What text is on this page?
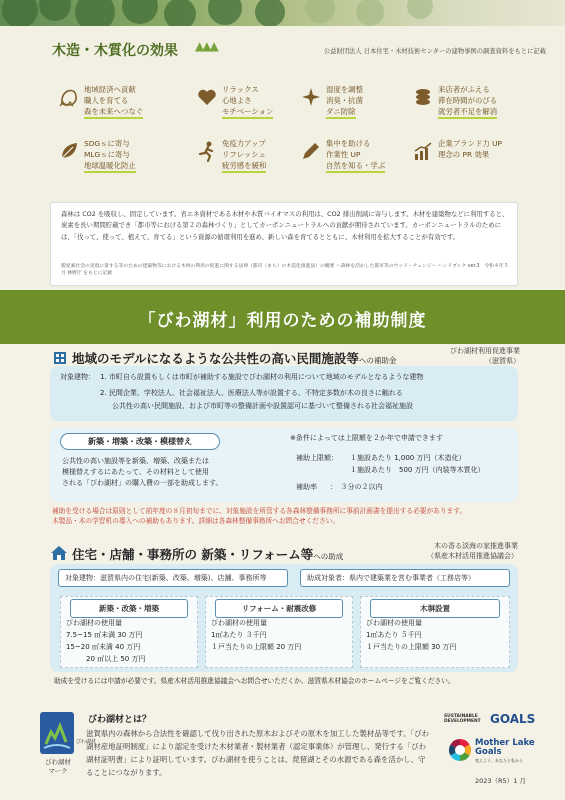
木造・木質化の効果 ▲▲▲	公益財団法人 日本住宅・木材技術センターの建物事例の調査資料をもとに記載
地域経済へ貢献
職人を育てる
森を未来へつなぐ
リラックス
心地よさ
モチベーション
湿度を調整
消臭・抗菌
ダニ防除
来店者がふえる
滞在時間がのびる
就労者不足を解消
SDGｓに寄与
MLGｓに寄与
地球温暖化防止
免疫力アップ
リフレッシュ
疲労感を緩和
集中を助ける
作業性 UP
自然を知る・学ぶ
企業ブランド力 UP
理念の PR 効果
森林は CO2 を吸収し、固定しています。省エネ資材である木材や木質バイオマスの利用は、CO2 排出削減に寄与します。木材を建築物などに利用すると、炭素を長い期間貯蔵でき「都市等における第２の森林づくり」としてカーボンニュートラルへの貢献が期待されています。カーボンニュートラルのためには、「伐って、使って、植えて、育てる」という資源の循環利用を進め、新しい森を育てるとともに、木材利用を拡大することが有効です。
脱炭素社会の実現に資する等のための建築物等における木材の利用の促進に関する法律（都市（まち）の木造化推進法）の概要 〜森林を活かした都市等のウッド・チェンジ〜 ハンドブック ver.3　令和４年５月 林野庁 をもとに記載
「びわ湖材」利用のための補助制度
地域のモデルになるような公共性の高い民間施設等への補助金
びわ湖材利用促進事業
（滋賀県）
対象建物： 1. 市町自ら設置もしくは市町が補助する施設でびわ湖材の利用について地域のモデルとなるような建物
2. 民間企業、学校法人、社会福祉法人、医療法人等が設置する、不特定多数が木の良さに触れる
公共性の高い民間施設、および市町等の整備計画や設置認可に基づいて整備される社会福祉施設
新築・増築・改築・模様替え
公共性の高い施設等を新築、増築、改築または
模様替えするにあたって、その材料として使用
される「びわ湖材」の購入費の一部を助成します。
※条件によっては上限額を２か年で申請できます
補助上限額： １施設あたり 1,000 万円（木造化）
１施設あたり　500 万円（内装等木質化）
補助率 ：　３分の２以内
補助を受ける場合は原則として前年度の８月初旬までに、対象施設を所管する各森林整備事務所に事前計画書を提出する必要があります。
木製品・木の学習机の導入への補助もあります。詳細は各森林整備事務所へお問合せください。
住宅・店舗・事務所の 新築・リフォーム等への助成
木の香る淡海の家推進事業
（県産木材活用推進協議会）
対象建物：滋賀県内の住宅(新築、改築、増築)、店舗、事務所等	助成対象者：県内で建築業を営む事業者（工務店等）
新築・改築・増築
びわ湖材の使用量
7.5~15 ㎥未満 30 万円
15~20 ㎥未満 40 万円
20 ㎥以上 50 万円
リフォーム・耐震改修
びわ湖材の使用量
1㎥あたり ３千円
１戸当たりの上限額 20 万円
木塀設置
びわ湖材の使用量
1㎥あたり ５千円
１戸当たりの上限額 30 万円
助成を受けるには申請が必要です。県産木材活用推進協議会へお問合せいただくか、滋賀県木材協会のホームページをご覧ください。
びわ湖材
びわ湖材
マーク
びわ湖材とは？
滋賀県内の森林から合法性を確認して伐り出された原木およびその原木を加工した製材品等です。「びわ湖材産地証明制度」により認定を受けた木材業者・製材業者（認定事業体）が管理し、発行する「びわ湖材証明書」により証明しています。びわ湖材を使うことは、琵琶湖とその水源である森を活かし、守ることにつながります。
SUSTAINABLE
DEVELOPMENT GOALS
Mother Lake
Goals
変えよう、あなたと私から
2023（R5）1 月
